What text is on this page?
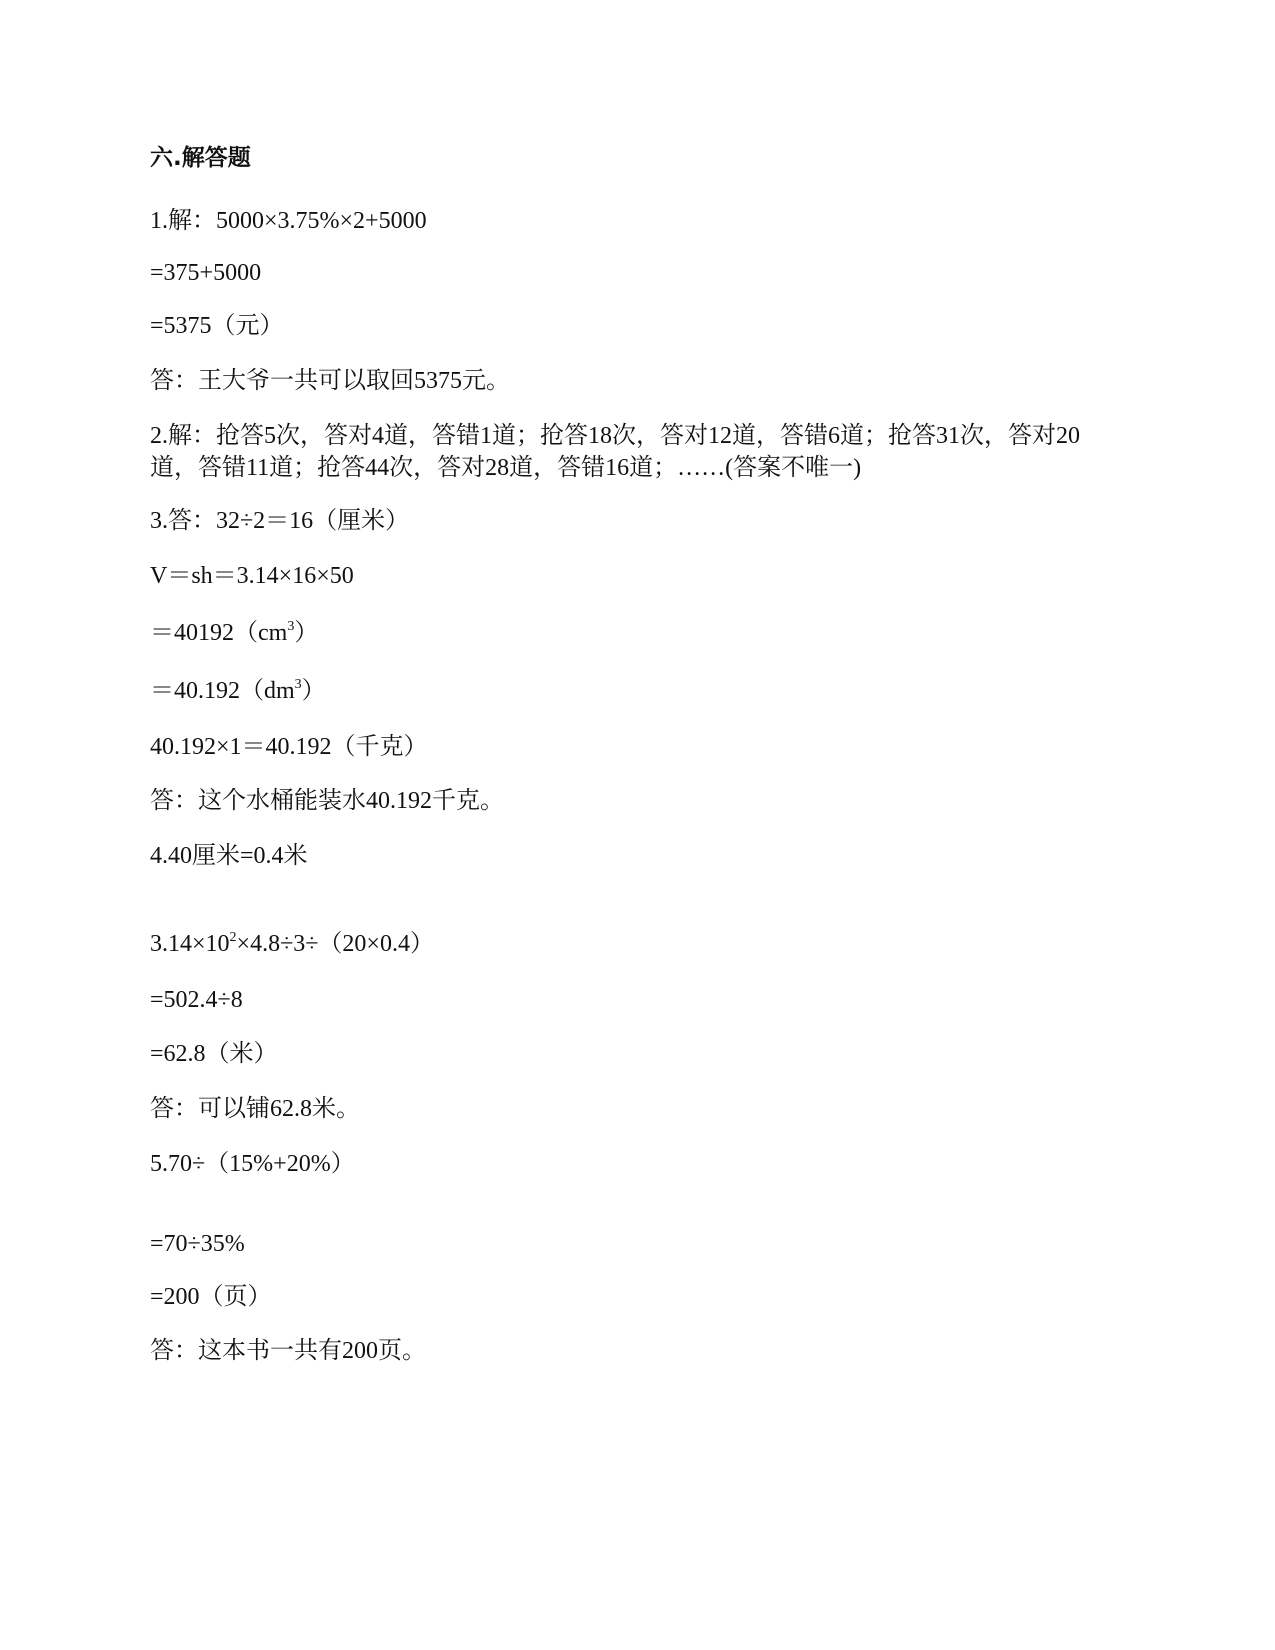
六.解答题
1.解：5000×3.75%×2+5000
=375+5000
=5375（元）
答：王大爷一共可以取回5375元。
2.解：抢答5次，答对4道，答错1道；抢答18次，答对12道，答错6道；抢答31次，答对20道，答错11道；抢答44次，答对28道，答错16道；……(答案不唯一)
3.答：32÷2＝16（厘米）
V＝sh＝3.14×16×50
$=40192(cm^3)$
$=40.192(dm^3)$
40.192×1＝40.192（千克）
答：这个水桶能装水40.192千克。
4.40厘米=0.4米
$3.14\times 10^2\times 4.8\div 3\div(20\times 0.4)$
=502.4÷8
=62.8（米）
答：可以铺62.8米。
5.70÷（15%+20%）
=70÷35%
=200（页）
答：这本书一共有200页。
